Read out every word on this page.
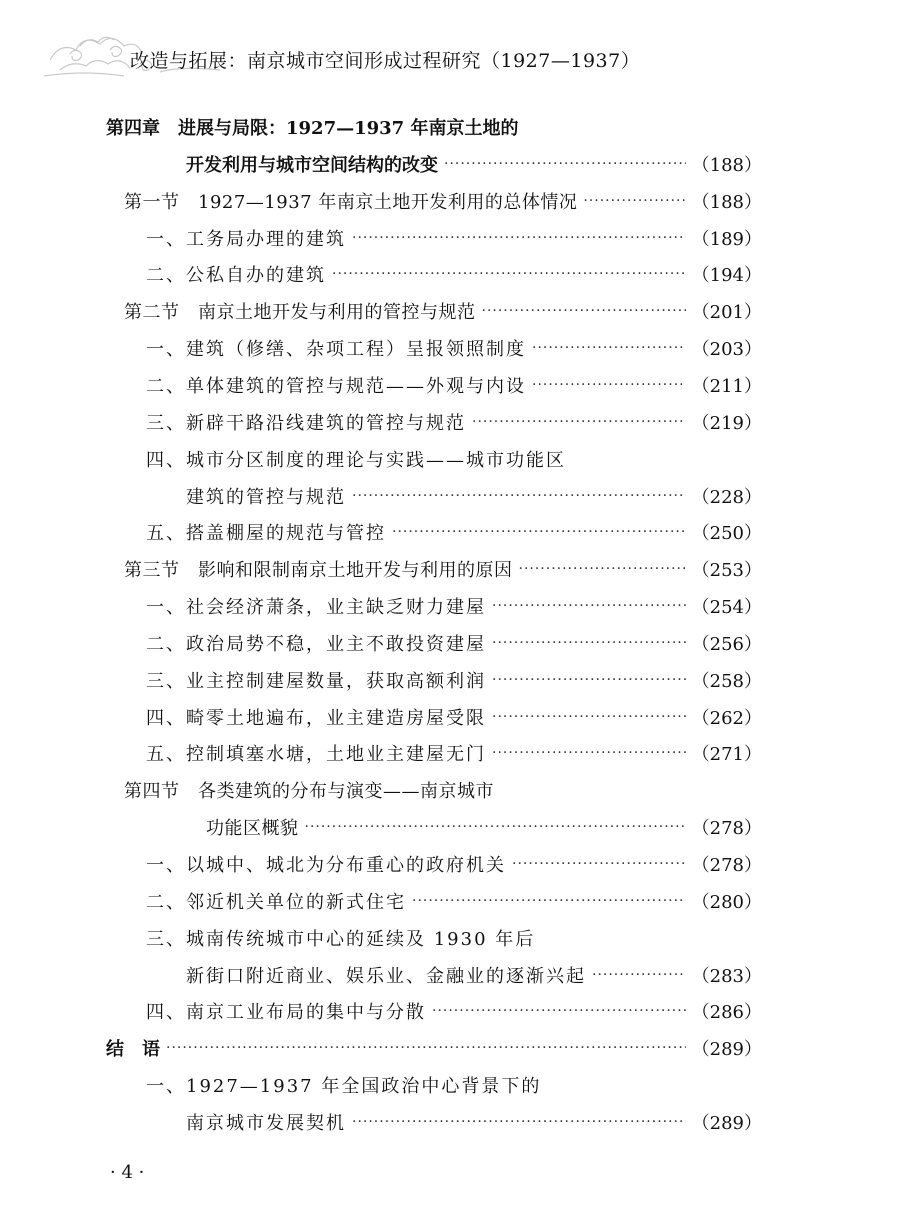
改造与拓展：南京城市空间形成过程研究（1927—1937）
第四章　进展与局限：1927—1937 年南京土地的
开发利用与城市空间结构的改变 ·····	（188）
第一节　1927—1937 年南京土地开发利用的总体情况 ·····	（188）
一、工务局办理的建筑 ·····	（189）
二、公私自办的建筑 ·····	（194）
第二节　南京土地开发与利用的管控与规范 ·····	（201）
一、建筑（修缮、杂项工程）呈报领照制度 ·····	（203）
二、单体建筑的管控与规范——外观与内设 ·····	（211）
三、新辟干路沿线建筑的管控与规范 ·····	（219）
四、城市分区制度的理论与实践——城市功能区
建筑的管控与规范 ·····	（228）
五、搭盖棚屋的规范与管控 ·····	（250）
第三节　影响和限制南京土地开发与利用的原因 ·····	（253）
一、社会经济萧条，业主缺乏财力建屋 ·····	（254）
二、政治局势不稳，业主不敢投资建屋 ·····	（256）
三、业主控制建屋数量，获取高额利润 ·····	（258）
四、畸零土地遍布，业主建造房屋受限 ·····	（262）
五、控制填塞水塘，土地业主建屋无门 ·····	（271）
第四节　各类建筑的分布与演变——南京城市
功能区概貌 ·····	（278）
一、以城中、城北为分布重心的政府机关 ·····	（278）
二、邻近机关单位的新式住宅 ·····	（280）
三、城南传统城市中心的延续及 1930 年后
新街口附近商业、娱乐业、金融业的逐渐兴起 ·····	（283）
四、南京工业布局的集中与分散 ·····	（286）
结　语 ·····	（289）
一、1927—1937 年全国政治中心背景下的
南京城市发展契机 ·····	（289）
· 4 ·
